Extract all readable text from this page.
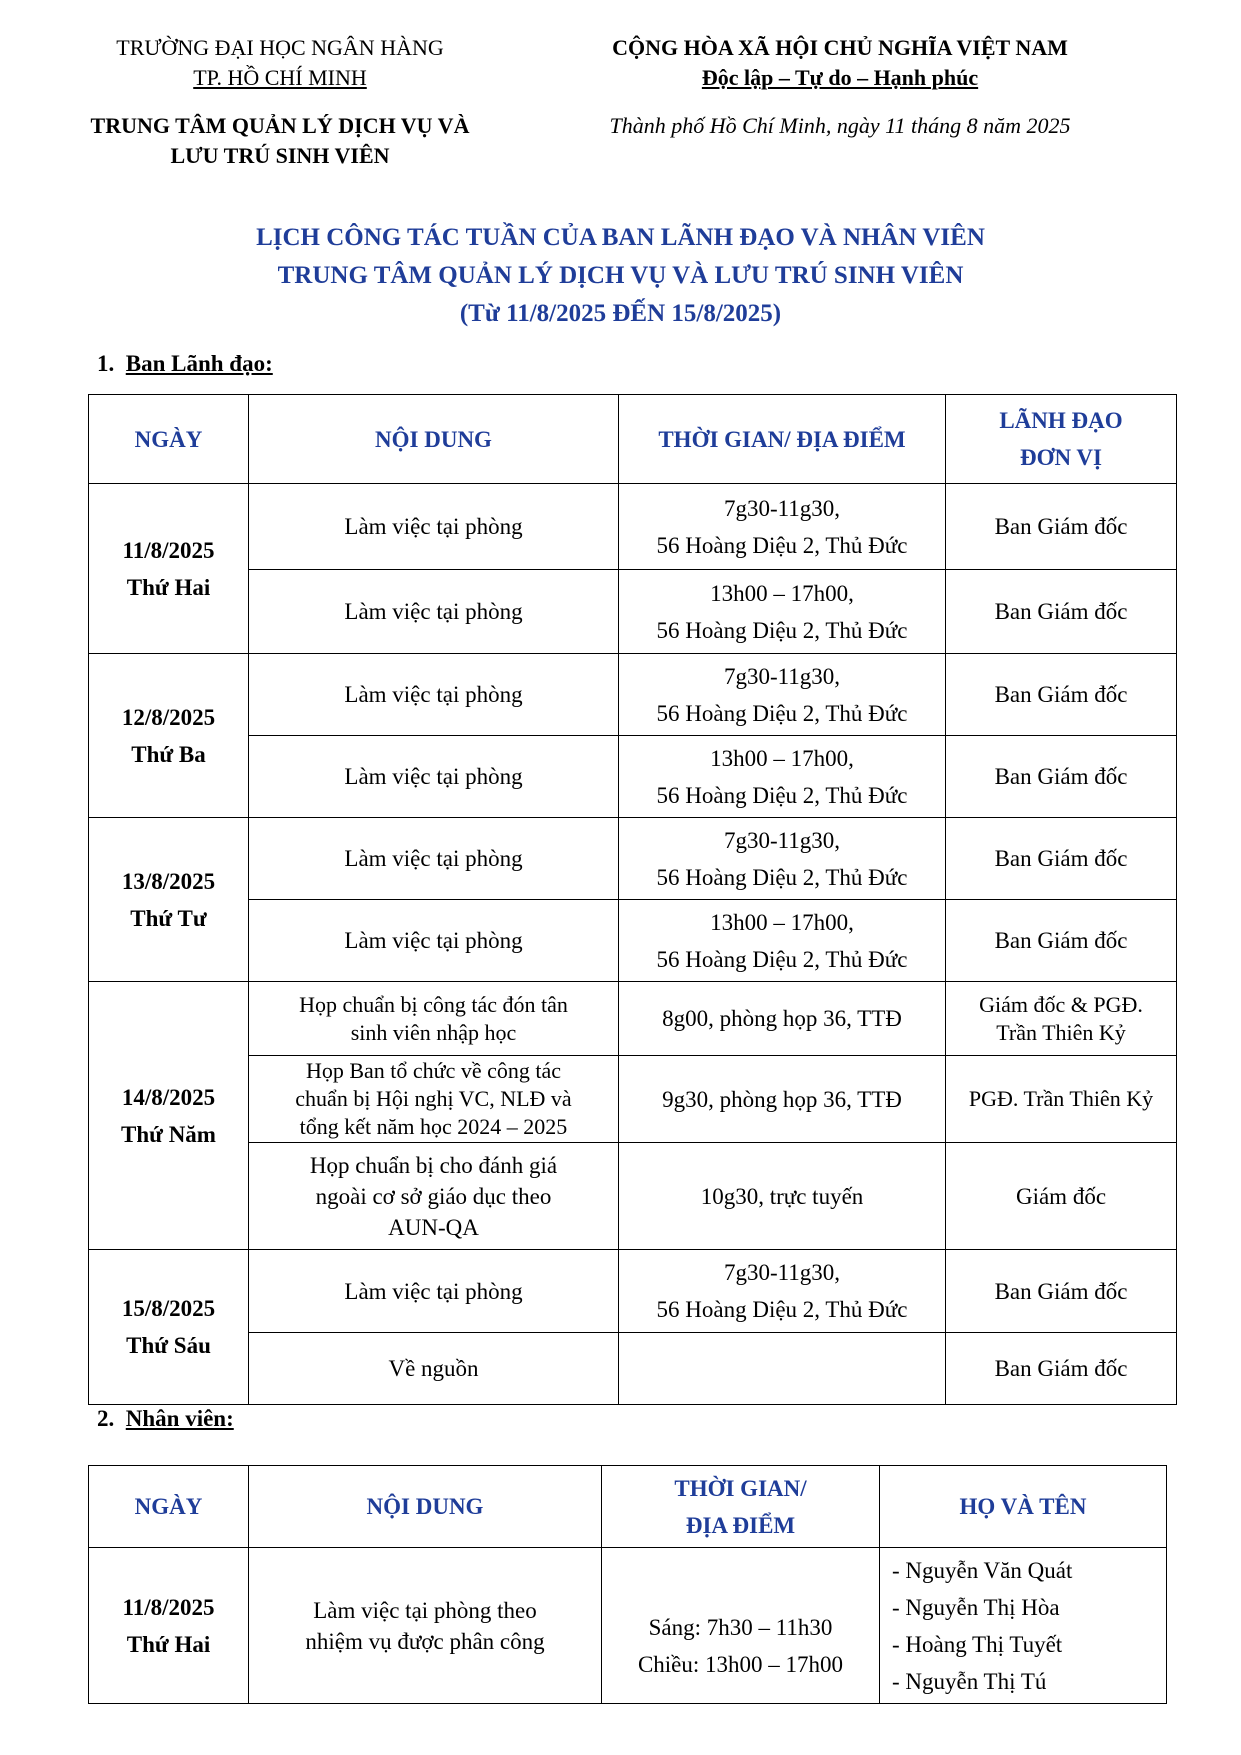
TRƯỜNG ĐẠI HỌC NGÂN HÀNG
TP. HỒ CHÍ MINH
TRUNG TÂM QUẢN LÝ DỊCH VỤ VÀ
LƯU TRÚ SINH VIÊN
CỘNG HÒA XÃ HỘI CHỦ NGHĨA VIỆT NAM
Độc lập – Tự do – Hạnh phúc
Thành phố Hồ Chí Minh, ngày 11 tháng 8 năm 2025
LỊCH CÔNG TÁC TUẦN CỦA BAN LÃNH ĐẠO VÀ NHÂN VIÊN
TRUNG TÂM QUẢN LÝ DỊCH VỤ VÀ LƯU TRÚ SINH VIÊN
(Từ 11/8/2025 ĐẾN 15/8/2025)
1. Ban Lãnh đạo:
NGÀY	NỘI DUNG	THỜI GIAN/ ĐỊA ĐIỂM	LÃNH ĐẠO
ĐƠN VỊ

11/8/2025
Thứ Hai	Làm việc tại phòng	7g30-11g30,
56 Hoàng Diệu 2, Thủ Đức	Ban Giám đốc
	Làm việc tại phòng	13h00 – 17h00,
56 Hoàng Diệu 2, Thủ Đức	Ban Giám đốc

12/8/2025
Thứ Ba	Làm việc tại phòng	7g30-11g30,
56 Hoàng Diệu 2, Thủ Đức	Ban Giám đốc
	Làm việc tại phòng	13h00 – 17h00,
56 Hoàng Diệu 2, Thủ Đức	Ban Giám đốc

13/8/2025
Thứ Tư	Làm việc tại phòng	7g30-11g30,
56 Hoàng Diệu 2, Thủ Đức	Ban Giám đốc
	Làm việc tại phòng	13h00 – 17h00,
56 Hoàng Diệu 2, Thủ Đức	Ban Giám đốc

14/8/2025
Thứ Năm	Họp chuẩn bị công tác đón tân
sinh viên nhập học	8g00, phòng họp 36, TTĐ	Giám đốc & PGĐ.
Trần Thiên Kỷ

	Họp Ban tổ chức về công tác
chuẩn bị Hội nghị VC, NLĐ và
tổng kết năm học 2024 – 2025	9g30, phòng họp 36, TTĐ	PGĐ. Trần Thiên Kỷ

	Họp chuẩn bị cho đánh giá
ngoài cơ sở giáo dục theo
AUN-QA	10g30, trực tuyến	Giám đốc

15/8/2025
Thứ Sáu	Làm việc tại phòng	7g30-11g30,
56 Hoàng Diệu 2, Thủ Đức	Ban Giám đốc
	Về nguồn		Ban Giám đốc
2. Nhân viên:
NGÀY	NỘI DUNG	THỜI GIAN/
ĐỊA ĐIỂM	HỌ VÀ TÊN

11/8/2025
Thứ Hai	Làm việc tại phòng theo
nhiệm vụ được phân công	Sáng: 7h30 – 11h30
Chiều: 13h00 – 17h00	- Nguyễn Văn Quát
- Nguyễn Thị Hòa
- Hoàng Thị Tuyết
- Nguyễn Thị Tú
